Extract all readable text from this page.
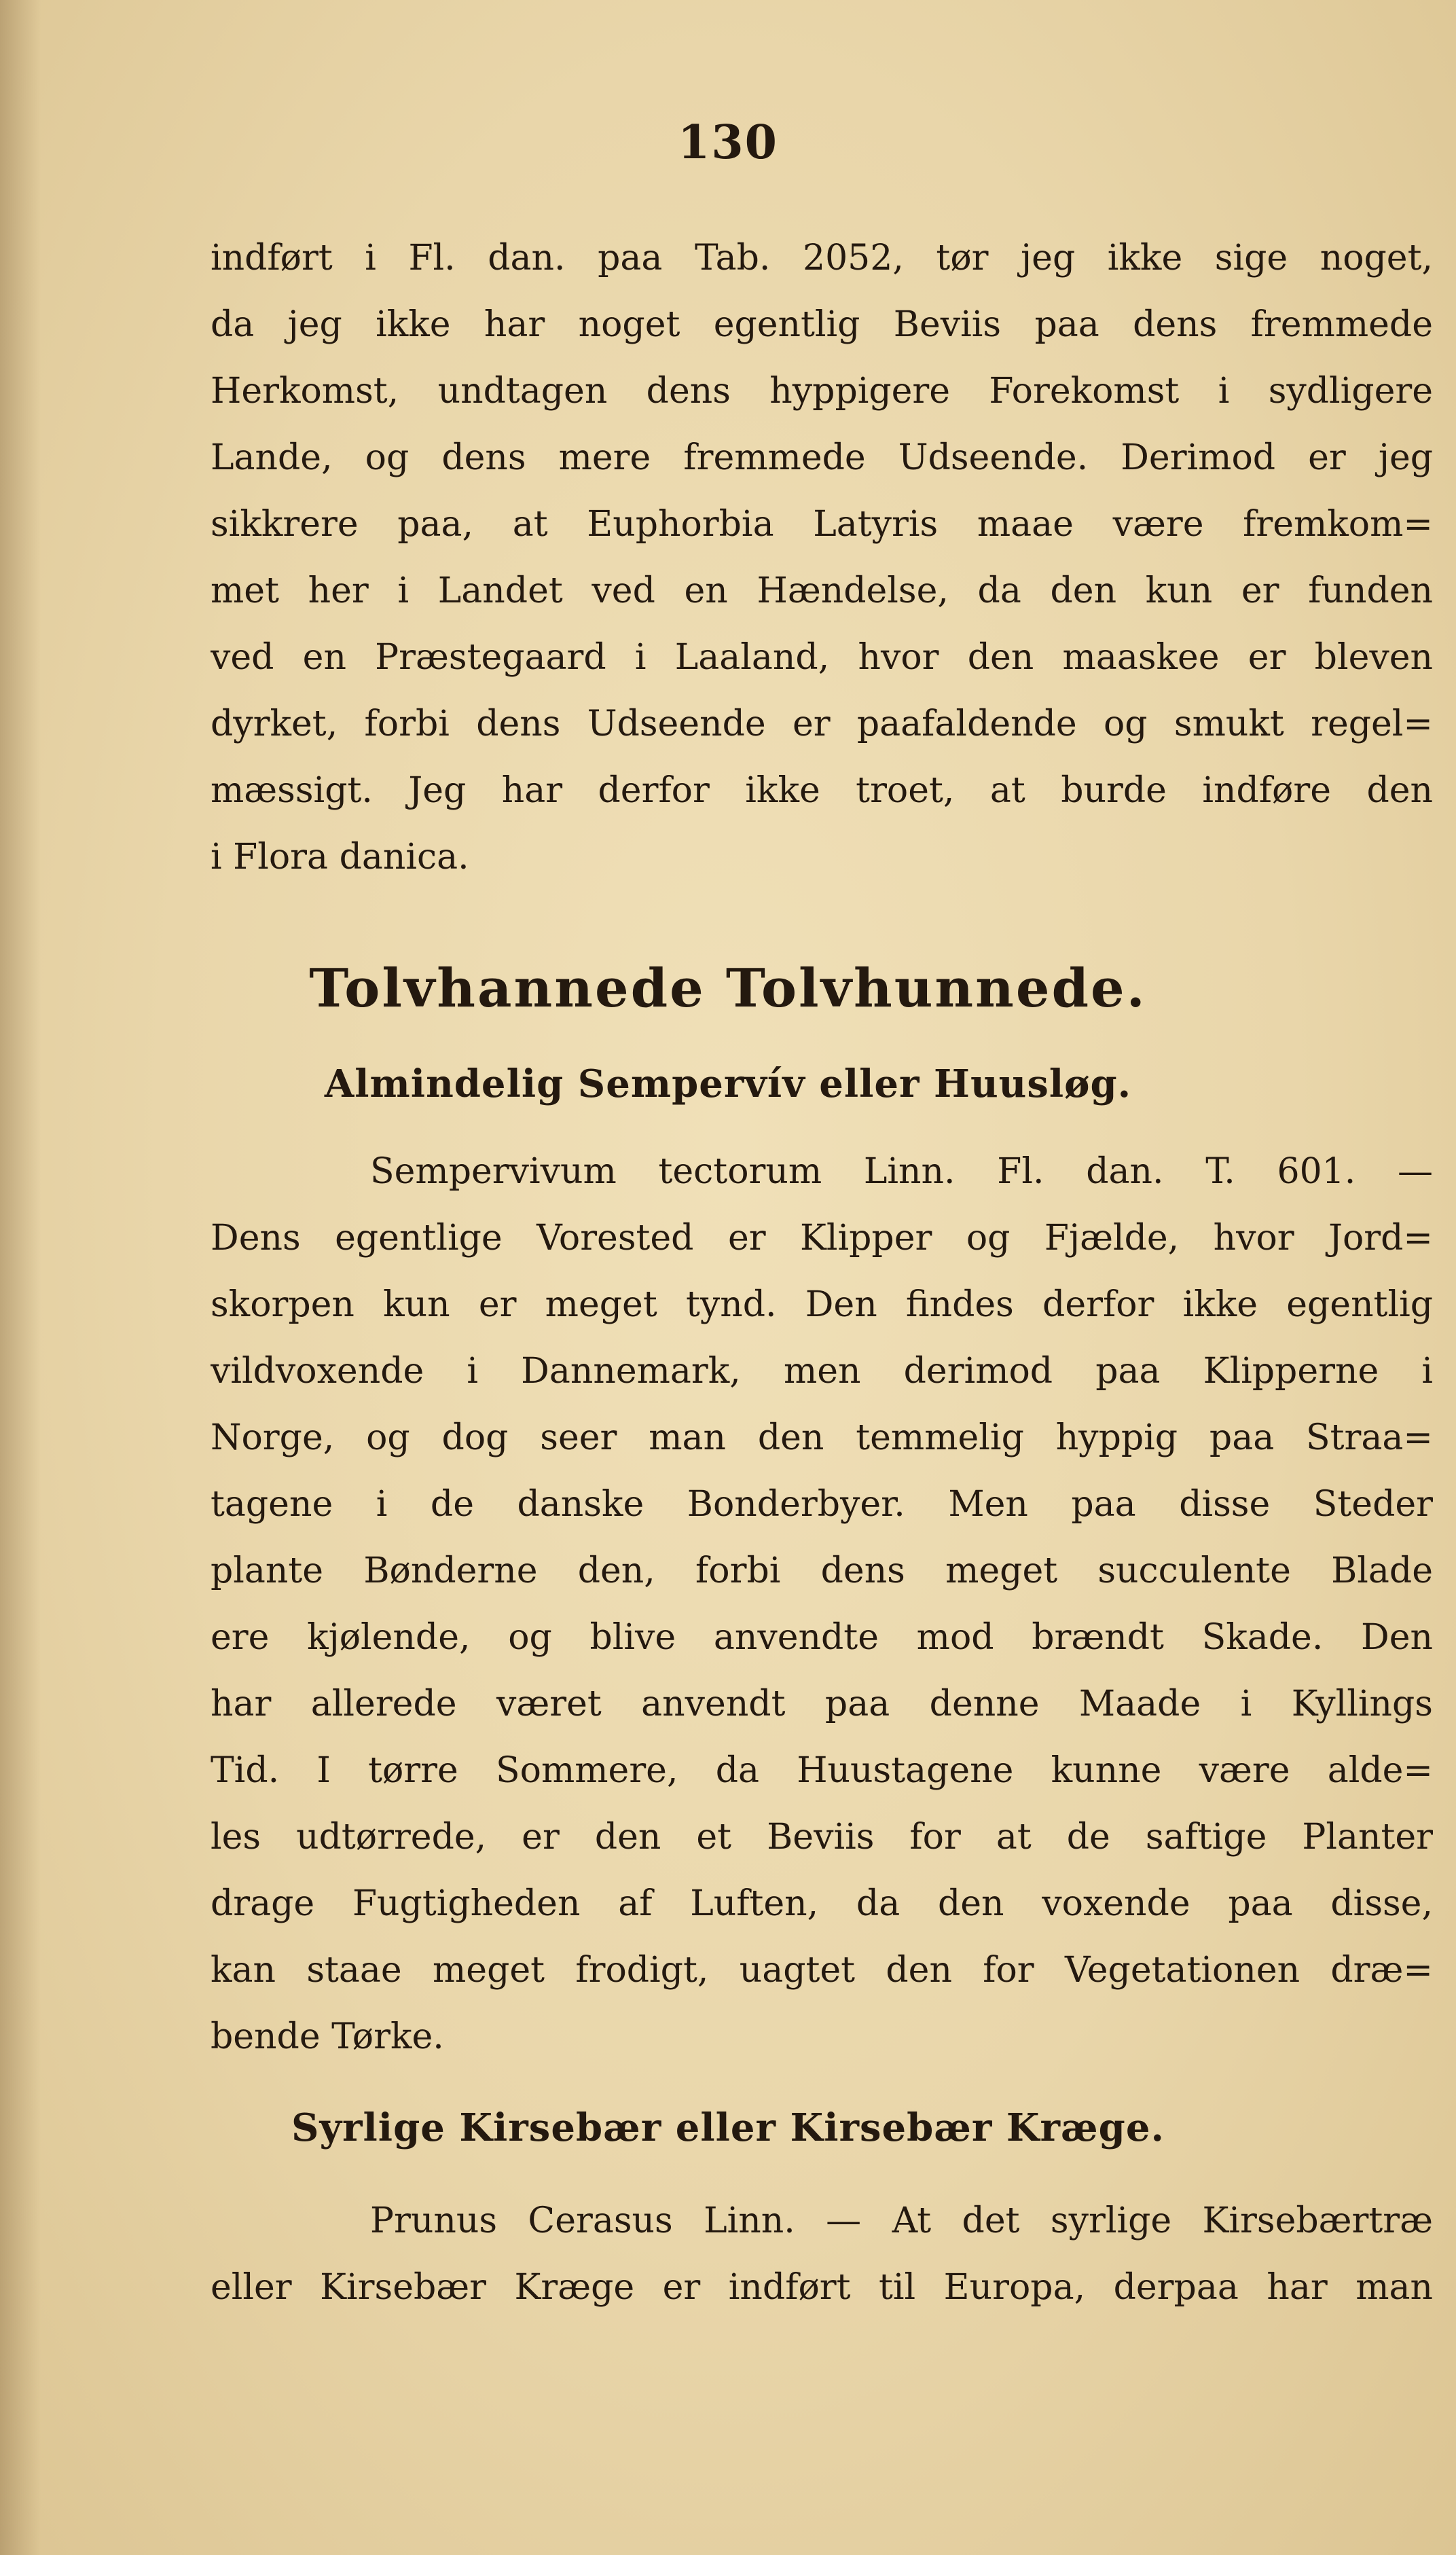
130
indført i Fl. dan. paa Tab. 2052, tør jeg ikke sige noget,
da jeg ikke har noget egentlig Beviis paa dens fremmede
Herkomst, undtagen dens hyppigere Forekomst i sydligere
Lande, og dens mere fremmede Udseende. Derimod er jeg
sikkrere paa, at Euphorbia Latyris maae være fremkom=
met her i Landet ved en Hændelse, da den kun er funden
ved en Præstegaard i Laaland, hvor den maaskee er bleven
dyrket, forbi dens Udseende er paafaldende og smukt regel=
mæssigt. Jeg har derfor ikke troet, at burde indføre den
i Flora danica.
Tolvhannede Tolvhunnede.
Almindelig Sempervív eller Huusløg.
Sempervivum tectorum Linn. Fl. dan. T. 601. —
Dens egentlige Vorested er Klipper og Fjælde, hvor Jord=
skorpen kun er meget tynd. Den findes derfor ikke egentlig
vildvoxende i Dannemark, men derimod paa Klipperne i
Norge, og dog seer man den temmelig hyppig paa Straa=
tagene i de danske Bonderbyer. Men paa disse Steder
plante Bønderne den, forbi dens meget succulente Blade
ere kjølende, og blive anvendte mod brændt Skade. Den
har allerede været anvendt paa denne Maade i Kyllings
Tid. I tørre Sommere, da Huustagene kunne være alde=
les udtørrede, er den et Beviis for at de saftige Planter
drage Fugtigheden af Luften, da den voxende paa disse,
kan staae meget frodigt, uagtet den for Vegetationen dræ=
bende Tørke.
Syrlige Kirsebær eller Kirsebær Kræge.
Prunus Cerasus Linn. — At det syrlige Kirsebærtræ
eller Kirsebær Kræge er indført til Europa, derpaa har man
